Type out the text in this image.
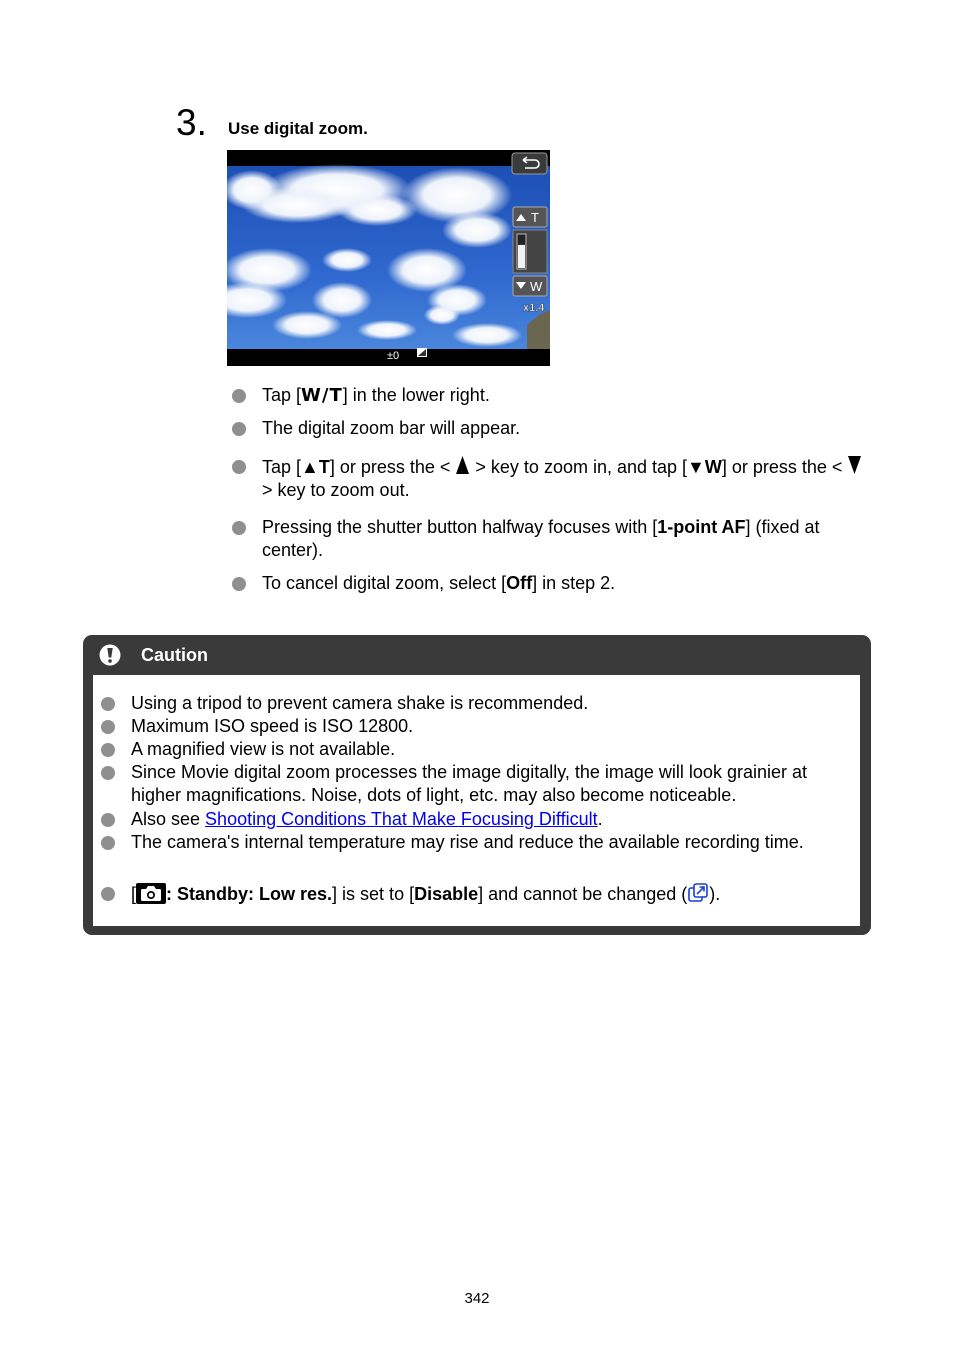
3. Use digital zoom.
T
W
x1.4
±0
Tap [W/T] in the lower right.
The digital zoom bar will appear.
Tap [▲T] or press the <  > key to zoom in, and tap [▼W] or press the <  > key to zoom out.
Pressing the shutter button halfway focuses with [1-point AF] (fixed at center).
To cancel digital zoom, select [Off] in step 2.
Caution
Using a tripod to prevent camera shake is recommended.
Maximum ISO speed is ISO 12800.
A magnified view is not available.
Since Movie digital zoom processes the image digitally, the image will look grainier at higher magnifications. Noise, dots of light, etc. may also become noticeable.
Also see Shooting Conditions That Make Focusing Difficult.
The camera's internal temperature may rise and reduce the available recording time.
[ : Standby: Low res.] is set to [Disable] and cannot be changed ( ).
342
